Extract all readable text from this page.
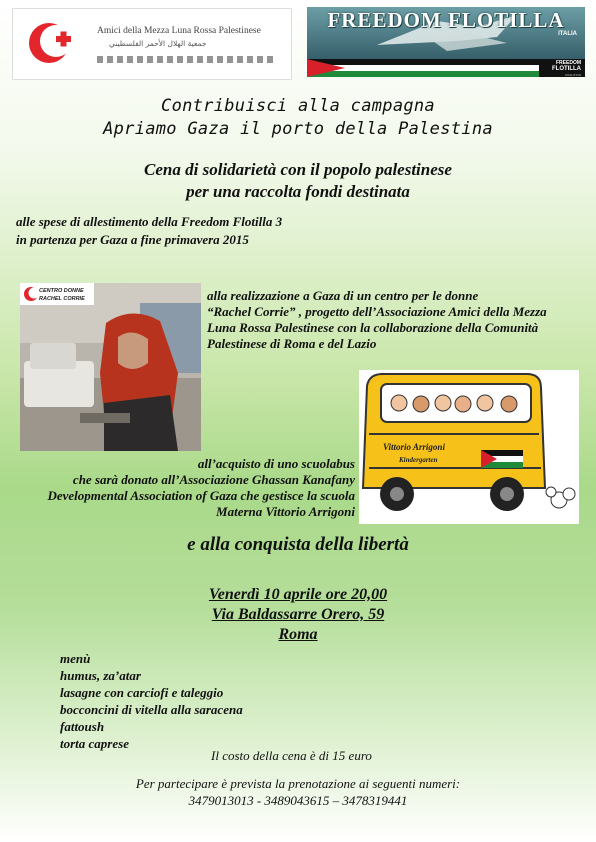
Amici della Mezza Luna Rossa Palestinese
جمعية الهلال الأحمر الفلسطيني
FREEDOM FLOTILLA
ITALIA
FREEDOM
FLOTILLA
COALITION
Contribuisci alla campagna
Apriamo Gaza il porto della Palestina
Cena di solidarietà con il popolo palestinese
per una raccolta fondi destinata
alle spese di allestimento della Freedom Flotilla 3
in partenza per Gaza a fine primavera 2015
CENTRO DONNE
RACHEL CORRIE	alla realizzazione a Gaza di un centro per le donne
“Rachel Corrie” , progetto dell’Associazione Amici della Mezza
Luna Rossa Palestinese con la collaborazione della Comunità
Palestinese di Roma e del Lazio
Vittorio Arrigoni
Kindergarten
all’acquisto di uno scuolabus
che sarà donato all’Associazione Ghassan Kanafany
Developmental Association of Gaza che gestisce la scuola
Materna Vittorio Arrigoni
e alla conquista della libertà
Venerdì 10 aprile ore 20,00
Via Baldassarre Orero, 59
Roma
menù
humus, za’atar
lasagne con carciofi e taleggio
bocconcini di vitella alla saracena
fattoush
torta caprese
Il costo della cena è di 15 euro
Per partecipare è prevista la prenotazione ai seguenti numeri:
3479013013 - 3489043615 – 3478319441
